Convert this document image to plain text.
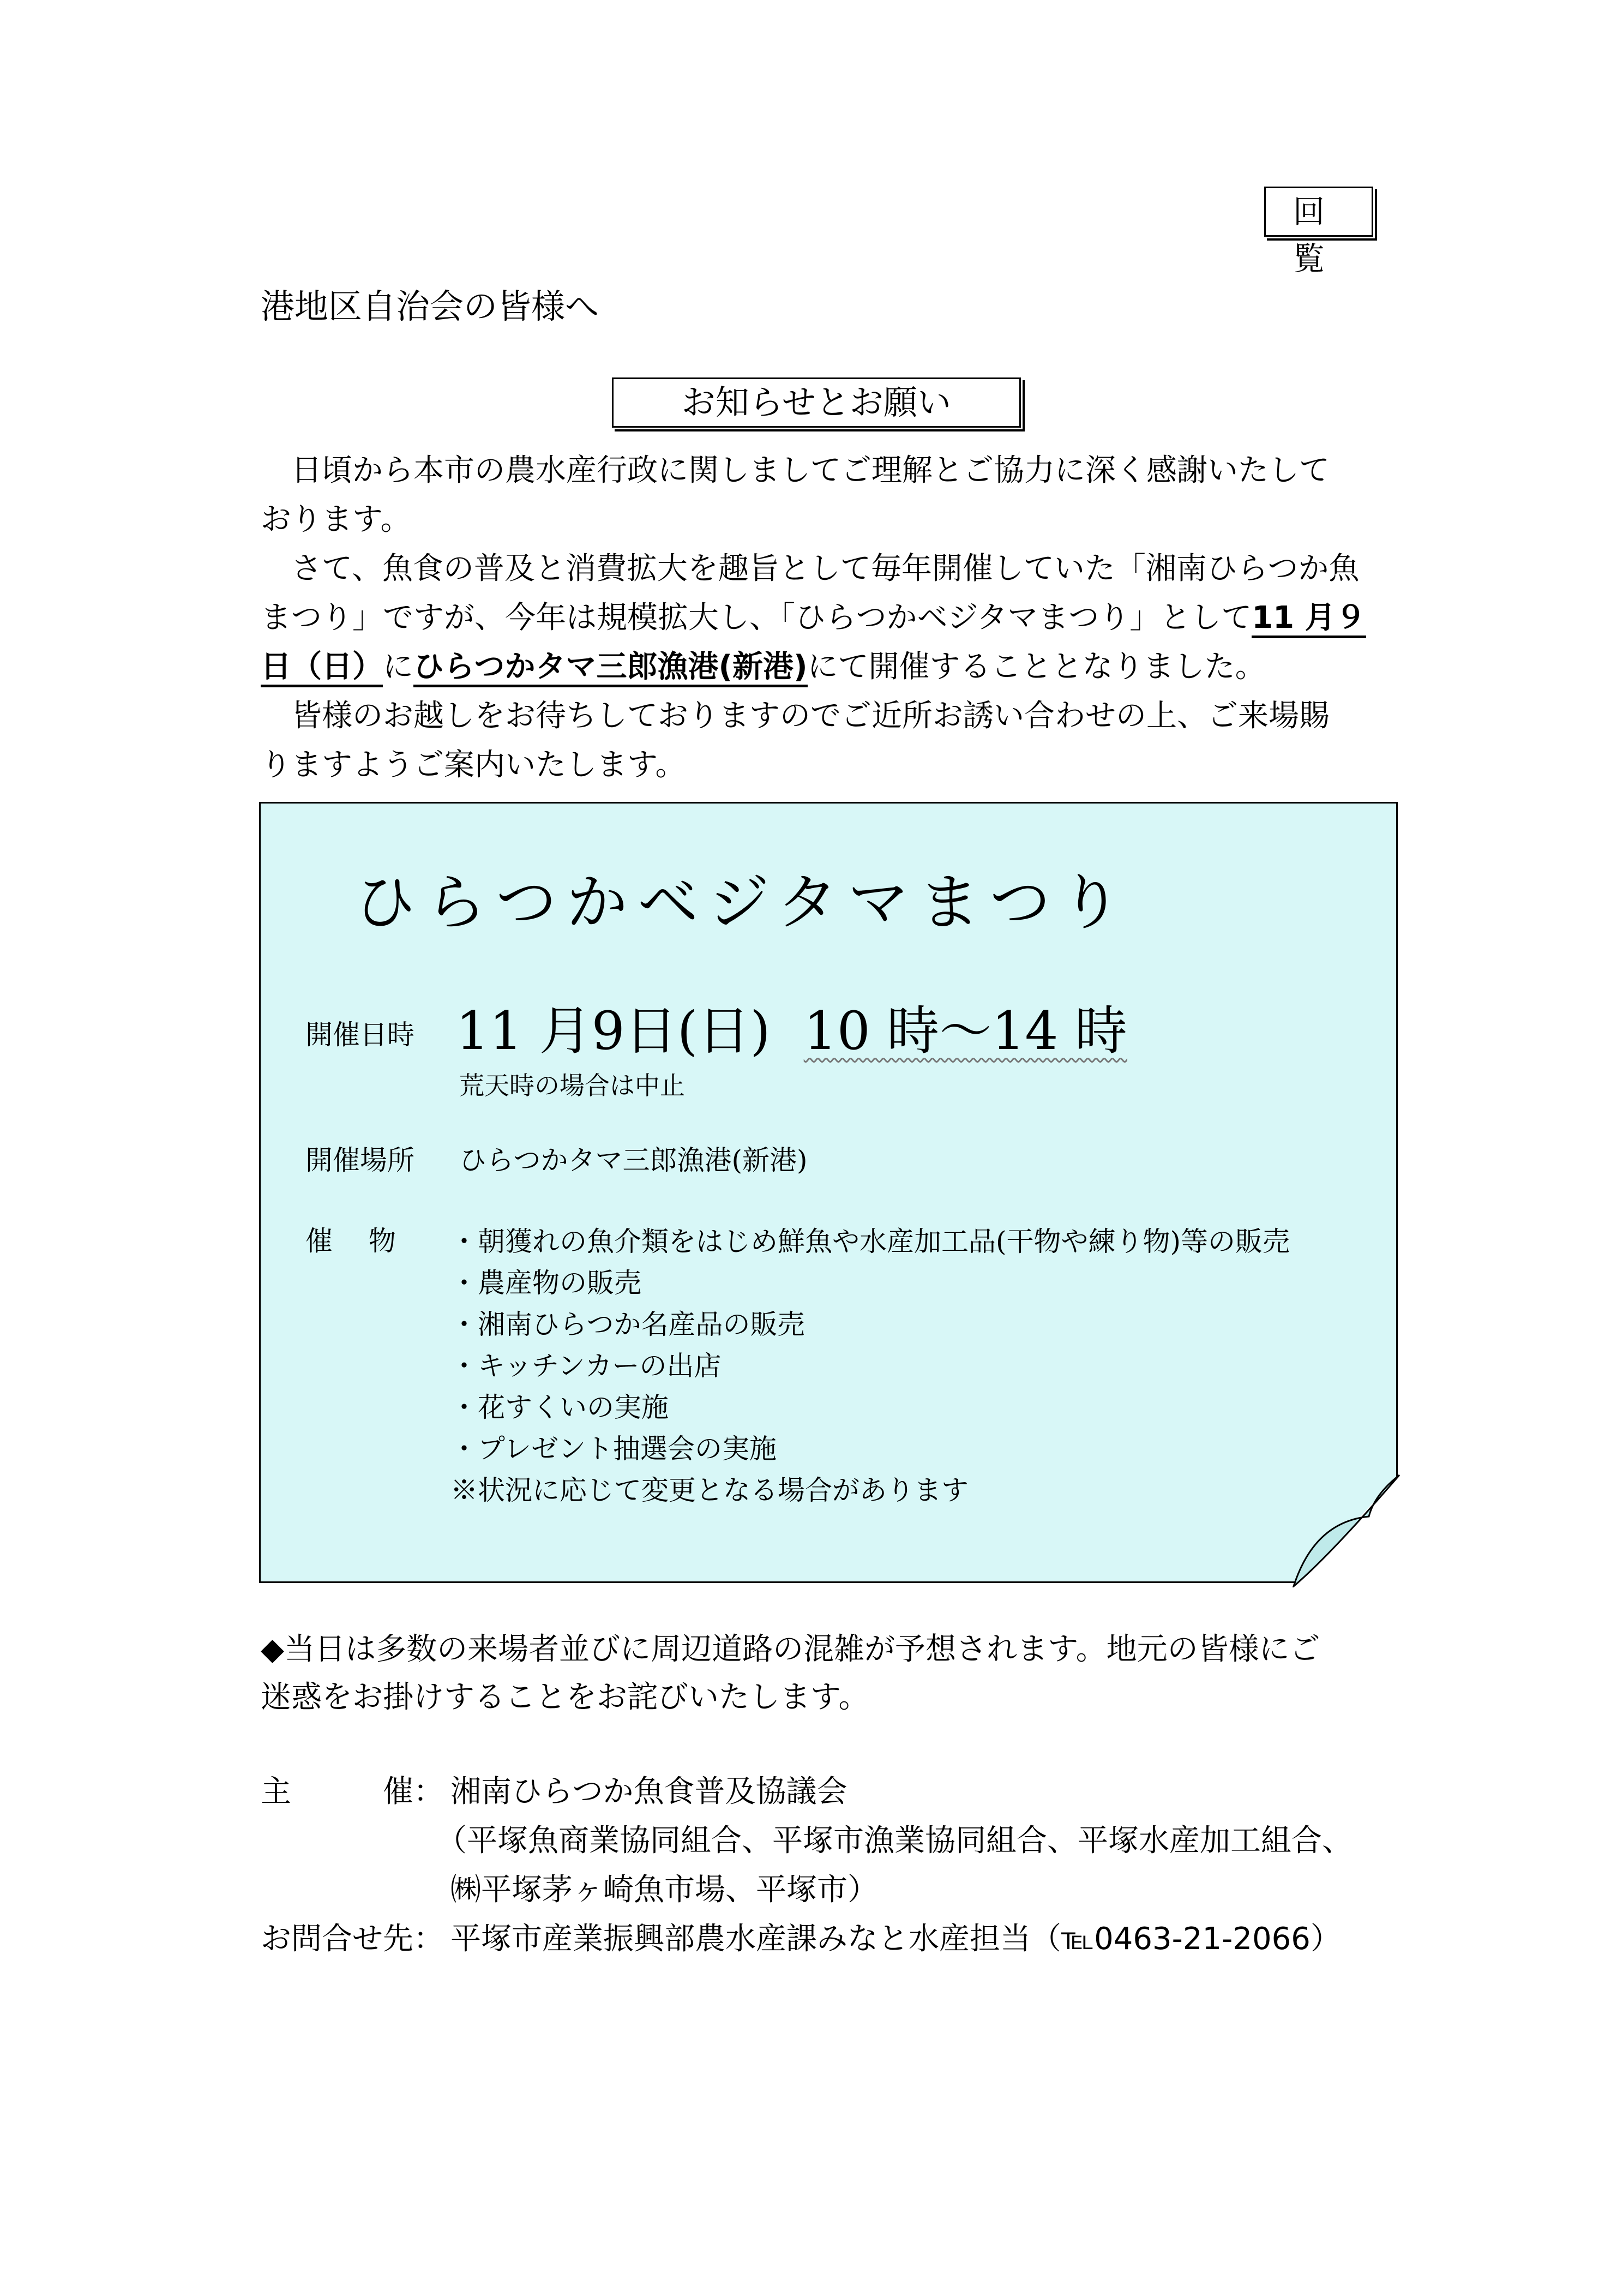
回 覧
港地区自治会の皆様へ
お知らせとお願い
　日頃から本市の農水産行政に関しましてご理解とご協力に深く感謝いたして
おります。
　さて、魚食の普及と消費拡大を趣旨として毎年開催していた「湘南ひらつか魚
まつり」ですが、今年は規模拡大し、「ひらつかベジタマまつり」として11 月９
日（日）にひらつかタマ三郎漁港(新港)にて開催することとなりました。
　皆様のお越しをお待ちしておりますのでご近所お誘い合わせの上、ご来場賜
りますようご案内いたします。
ひらつかベジタマまつり
開催日時 11 月9日(日) 10 時～14 時
荒天時の場合は中止
開催場所 ひらつかタマ三郎漁港(新港)
催　 物 ・朝獲れの魚介類をはじめ鮮魚や水産加工品(干物や練り物)等の販売
・農産物の販売
・湘南ひらつか名産品の販売
・キッチンカーの出店
・花すくいの実施
・プレゼント抽選会の実施
※状況に応じて変更となる場合があります
◆当日は多数の来場者並びに周辺道路の混雑が予想されます。地元の皆様にご
迷惑をお掛けすることをお詫びいたします。
主　　　催： 湘南ひらつか魚食普及協議会
（平塚魚商業協同組合、平塚市漁業協同組合、平塚水産加工組合、
㈱平塚茅ヶ崎魚市場、平塚市）
お問合せ先： 平塚市産業振興部農水産課みなと水産担当（℡0463-21-2066）
